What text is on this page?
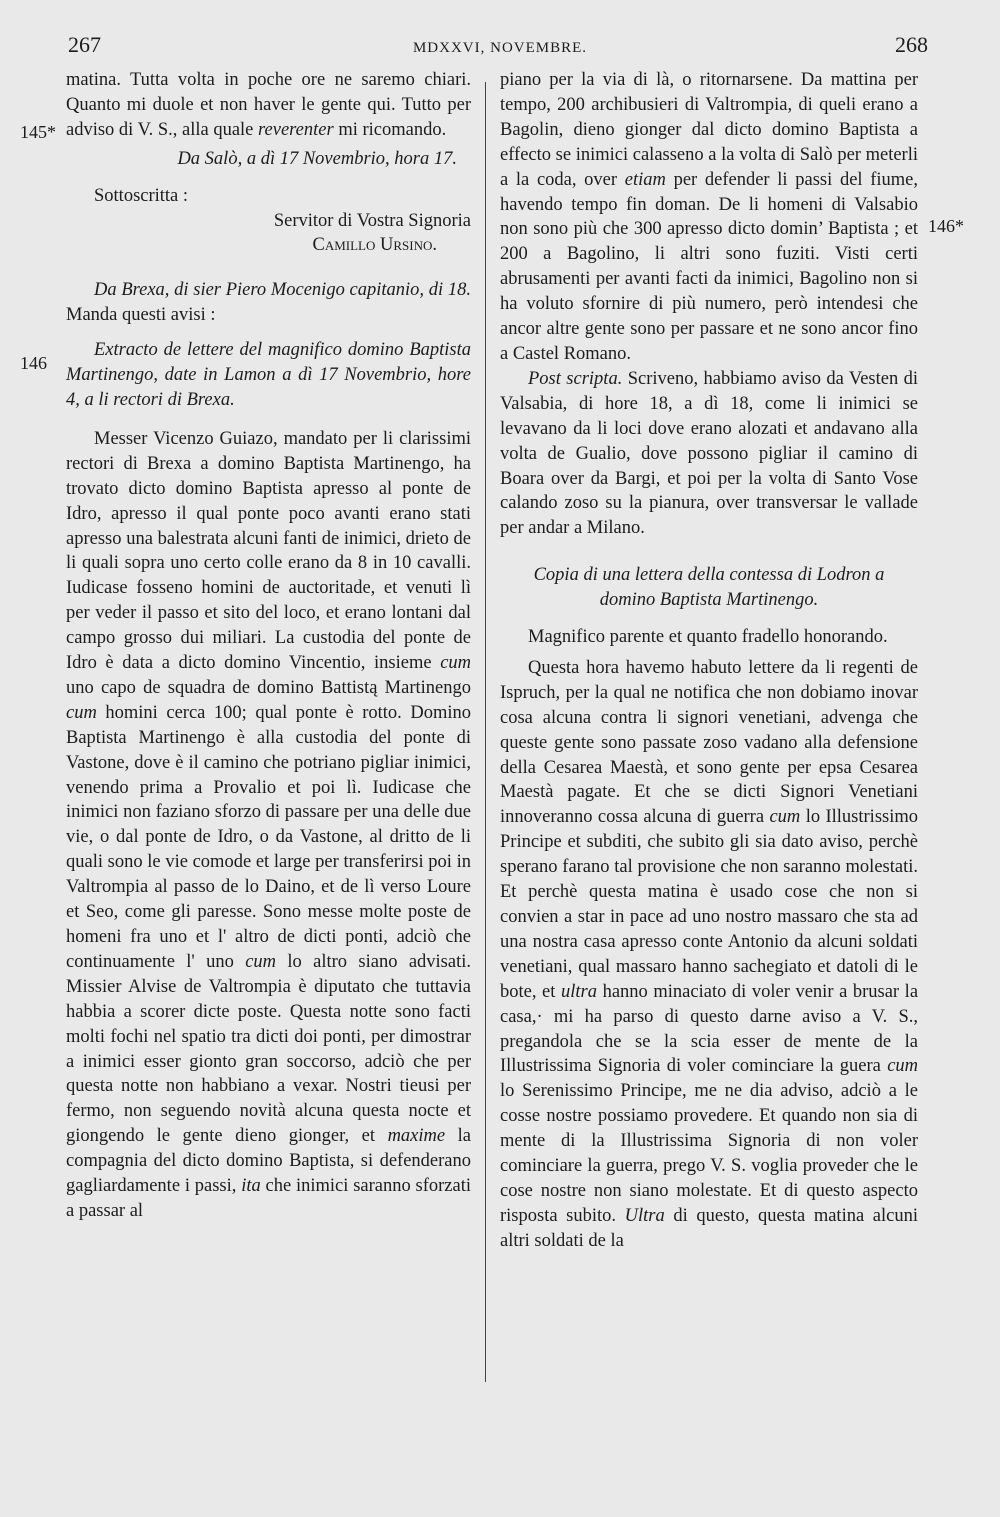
267	MDXXVI, NOVEMBRE.	268
145*
146
146*

matina. Tutta volta in poche ore ne saremo chiari. Quanto mi duole et non haver le gente qui. Tutto per adviso di V. S., alla quale reverenter mi ricomando.

Da Salò, a dì 17 Novembrio, hora 17.

Sottoscritta :

Servitor di Vostra Signoria

Camillo Ursino.

Da Brexa, di sier Piero Mocenigo capitanio, di 18. Manda questi avisi :

Extracto de lettere del magnifico domino Baptista Martinengo, date in Lamon a dì 17 Novembrio, hore 4, a li rectori di Brexa.

Messer Vicenzo Guiazo, mandato per li clarissimi rectori di Brexa a domino Baptista Martinengo, ha trovato dicto domino Baptista apresso al ponte de Idro, apresso il qual ponte poco avanti erano stati apresso una balestrata alcuni fanti de inimici, drieto de li quali sopra uno certo colle erano da 8 in 10 cavalli. Iudicase fosseno homini de auctoritade, et venuti lì per veder il passo et sito del loco, et erano lontani dal campo grosso dui miliari. La custodia del ponte de Idro è data a dicto domino Vincentio, insieme cum uno capo de squadra de domino Battistą Martinengo cum homini cerca 100; qual ponte è rotto. Domino Baptista Martinengo è alla custodia del ponte di Vastone, dove è il camino che potriano pigliar inimici, venendo prima a Provalio et poi lì. Iudicase che inimici non faziano sforzo di passare per una delle due vie, o dal ponte de Idro, o da Vastone, al dritto de li quali sono le vie comode et large per transferirsi poi in Valtrompia al passo de lo Daino, et de lì verso Loure et Seo, come gli paresse. Sono messe molte poste de homeni fra uno et l' altro de dicti ponti, adciò che continuamente l' uno cum lo altro siano advisati. Missier Alvise de Valtrompia è diputato che tuttavia habbia a scorer dicte poste. Questa notte sono facti molti fochi nel spatio tra dicti doi ponti, per dimostrar a inimici esser gionto gran soccorso, adciò che per questa notte non habbiano a vexar. Nostri tieusi per fermo, non seguendo novità alcuna questa nocte et giongendo le gente dieno gionger, et maxime la compagnia del dicto domino Baptista, si defenderano gagliardamente i passi, ita che inimici saranno sforzati a passar al

piano per la via di là, o ritornarsene. Da mattina per tempo, 200 archibusieri di Valtrompia, di queli erano a Bagolin, dieno gionger dal dicto domino Baptista a effecto se inimici calasseno a la volta di Salò per meterli a la coda, over etiam per defender li passi del fiume, havendo tempo fin doman. De li homeni di Valsabio non sono più che 300 apresso dicto domin’ Baptista ; et 200 a Bagolino, li altri sono fuziti. Visti certi abrusamenti per avanti facti da inimici, Bagolino non si ha voluto sfornire di più numero, però intendesi che ancor altre gente sono per passare et ne sono ancor fino a Castel Romano.

Post scripta. Scriveno, habbiamo aviso da Vesten di Valsabia, di hore 18, a dì 18, come li inimici se levavano da li loci dove erano alozati et andavano alla volta de Gualio, dove possono pigliar il camino di Boara over da Bargi, et poi per la volta di Santo Vose calando zoso su la pianura, over transversar le vallade per andar a Milano.

Copia di una lettera della contessa di Lodron a domino Baptista Martinengo.

Magnifico parente et quanto fradello honorando.

Questa hora havemo habuto lettere da li regenti de Ispruch, per la qual ne notifica che non dobiamo inovar cosa alcuna contra li signori venetiani, advenga che queste gente sono passate zoso vadano alla defensione della Cesarea Maestà, et sono gente per epsa Cesarea Maestà pagate. Et che se dicti Signori Venetiani innoveranno cossa alcuna di guerra cum lo Illustrissimo Principe et subditi, che subito gli sia dato aviso, perchè sperano farano tal provisione che non saranno molestati. Et perchè questa matina è usado cose che non si convien a star in pace ad uno nostro massaro che sta ad una nostra casa apresso conte Antonio da alcuni soldati venetiani, qual massaro hanno sachegiato et datoli di le bote, et ultra hanno minaciato di voler venir a brusar la casa,· mi ha parso di questo darne aviso a V. S., pregandola che se la scia esser de mente de la Illustrissima Signoria di voler cominciare la guera cum lo Serenissimo Principe, me ne dia adviso, adciò a le cosse nostre possiamo provedere. Et quando non sia di mente di la Illustrissima Signoria di non voler cominciare la guerra, prego V. S. voglia proveder che le cose nostre non siano molestate. Et di questo aspecto risposta subito. Ultra di questo, questa matina alcuni altri soldati de la
